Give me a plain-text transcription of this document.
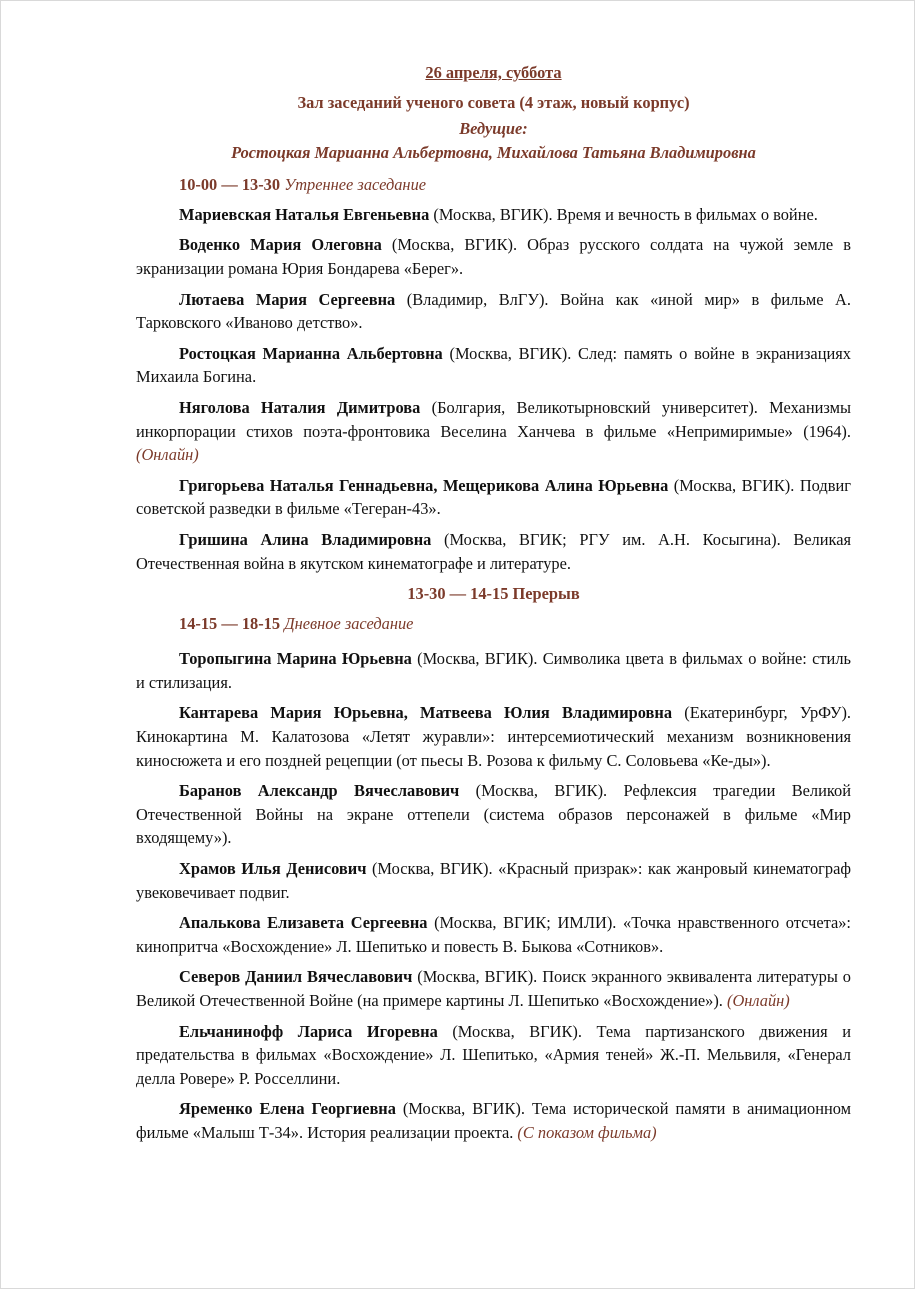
26 апреля, суббота

Зал заседаний ученого совета (4 этаж, новый корпус)

Ведущие:

Ростоцкая Марианна Альбертовна, Михайлова Татьяна Владимировна

10-00 — 13-30 Утреннее заседание

Мариевская Наталья Евгеньевна (Москва, ВГИК). Время и вечность в фильмах о войне.

Воденко Мария Олеговна (Москва, ВГИК). Образ русского солдата на чужой земле в экранизации романа Юрия Бондарева «Берег».

Лютаева Мария Сергеевна (Владимир, ВлГУ). Война как «иной мир» в фильме А. Тарковского «Иваново детство».

Ростоцкая Марианна Альбертовна (Москва, ВГИК). След: память о войне в экранизациях Михаила Богина.

Няголова Наталия Димитрова (Болгария, Великотырновский университет). Механизмы инкорпорации стихов поэта-фронтовика Веселина Ханчева в фильме «Непримиримые» (1964). (Онлайн)

Григорьева Наталья Геннадьевна, Мещерикова Алина Юрьевна (Москва, ВГИК). Подвиг советской разведки в фильме «Тегеран-43».

Гришина Алина Владимировна (Москва, ВГИК; РГУ им. А.Н. Косыгина). Великая Отечественная война в якутском кинематографе и литературе.

13-30 — 14-15 Перерыв

14-15 — 18-15 Дневное заседание

Торопыгина Марина Юрьевна (Москва, ВГИК). Символика цвета в фильмах о войне: стиль и стилизация.

Кантарева Мария Юрьевна, Матвеева Юлия Владимировна (Екатеринбург, УрФУ). Кинокартина М. Калатозова «Летят журавли»: интерсемиотический механизм возникновения киносюжета и его поздней рецепции (от пьесы В. Розова к фильму С. Соловьева «Ке-ды»).

Баранов Александр Вячеславович (Москва, ВГИК). Рефлексия трагедии Великой Отечественной Войны на экране оттепели (система образов персонажей в фильме «Мир входящему»).

Храмов Илья Денисович (Москва, ВГИК). «Красный призрак»: как жанровый кинематограф увековечивает подвиг.

Апалькова Елизавета Сергеевна (Москва, ВГИК; ИМЛИ). «Точка нравственного отсчета»: кинопритча «Восхождение» Л. Шепитько и повесть В. Быкова «Сотников».

Северов Даниил Вячеславович (Москва, ВГИК). Поиск экранного эквивалента литературы о Великой Отечественной Войне (на примере картины Л. Шепитько «Восхождение»). (Онлайн)

Ельчанинофф Лариса Игоревна (Москва, ВГИК). Тема партизанского движения и предательства в фильмах «Восхождение» Л. Шепитько, «Армия теней» Ж.-П. Мельвиля, «Генерал делла Ровере» Р. Росселлини.

Яременко Елена Георгиевна (Москва, ВГИК). Тема исторической памяти в анимационном фильме «Малыш Т-34». История реализации проекта. (С показом фильма)
